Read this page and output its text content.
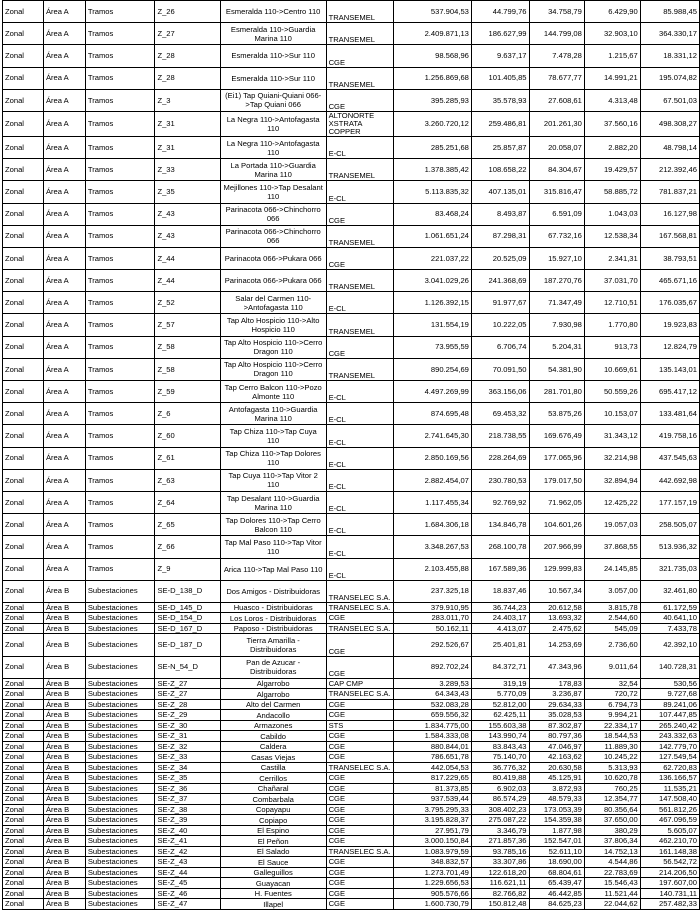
Zonal	Área A	Tramos	Z_26	Esmeralda 110->Centro 110	TRANSEMEL	537.904,53	44.799,76	34.758,79	6.429,90	85.988,45
Zonal	Área A	Tramos	Z_27	Esmeralda 110->Guardia Marina 110	TRANSEMEL	2.409.871,13	186.627,99	144.799,08	32.903,10	364.330,17
Zonal	Área A	Tramos	Z_28	Esmeralda 110->Sur 110	CGE	98.568,96	9.637,17	7.478,28	1.215,67	18.331,12
Zonal	Área A	Tramos	Z_28	Esmeralda 110->Sur 110	TRANSEMEL	1.256.869,68	101.405,85	78.677,77	14.991,21	195.074,82
Zonal	Área A	Tramos	Z_3	(Ei1) Tap Quiani-Quiani 066->Tap Quiani 066	CGE	395.285,93	35.578,93	27.608,61	4.313,48	67.501,03
Zonal	Área A	Tramos	Z_31	La Negra 110->Antofagasta 110	ALTONORTE XSTRATA COPPER	3.260.720,12	259.486,81	201.261,30	37.560,16	498.308,27
Zonal	Área A	Tramos	Z_31	La Negra 110->Antofagasta 110	E-CL	285.251,68	25.857,87	20.058,07	2.882,20	48.798,14
Zonal	Área A	Tramos	Z_33	La Portada 110->Guardia Marina 110	TRANSEMEL	1.378.385,42	108.658,22	84.304,67	19.429,57	212.392,46
Zonal	Área A	Tramos	Z_35	Mejillones 110->Tap Desalant 110	E-CL	5.113.835,32	407.135,01	315.816,47	58.885,72	781.837,21
Zonal	Área A	Tramos	Z_43	Parinacota 066->Chinchorro 066	CGE	83.468,24	8.493,87	6.591,09	1.043,03	16.127,98
Zonal	Área A	Tramos	Z_43	Parinacota 066->Chinchorro 066	TRANSEMEL	1.061.651,24	87.298,31	67.732,16	12.538,34	167.568,81
Zonal	Área A	Tramos	Z_44	Parinacota 066->Pukara 066	CGE	221.037,22	20.525,09	15.927,10	2.341,31	38.793,51
Zonal	Área A	Tramos	Z_44	Parinacota 066->Pukara 066	TRANSEMEL	3.041.029,26	241.368,69	187.270,76	37.031,70	465.671,16
Zonal	Área A	Tramos	Z_52	Salar del Carmen 110->Antofagasta 110	E-CL	1.126.392,15	91.977,67	71.347,49	12.710,51	176.035,67
Zonal	Área A	Tramos	Z_57	Tap Alto Hospicio 110->Alto Hospicio 110	TRANSEMEL	131.554,19	10.222,05	7.930,98	1.770,80	19.923,83
Zonal	Área A	Tramos	Z_58	Tap Alto Hospicio 110->Cerro Dragon 110	CGE	73.955,59	6.706,74	5.204,31	913,73	12.824,79
Zonal	Área A	Tramos	Z_58	Tap Alto Hospicio 110->Cerro Dragon 110	TRANSEMEL	890.254,69	70.091,50	54.381,90	10.669,61	135.143,01
Zonal	Área A	Tramos	Z_59	Tap Cerro Balcon 110->Pozo Almonte 110	E-CL	4.497.269,99	363.156,06	281.701,80	50.559,26	695.417,12
Zonal	Área A	Tramos	Z_6	Antofagasta 110->Guardia Marina 110	E-CL	874.695,48	69.453,32	53.875,26	10.153,07	133.481,64
Zonal	Área A	Tramos	Z_60	Tap Chiza 110->Tap Cuya 110	E-CL	2.741.645,30	218.738,55	169.676,49	31.343,12	419.758,16
Zonal	Área A	Tramos	Z_61	Tap Chiza 110->Tap Dolores 110	E-CL	2.850.169,56	228.264,69	177.065,96	32.214,98	437.545,63
Zonal	Área A	Tramos	Z_63	Tap Cuya 110->Tap Vitor 2 110	E-CL	2.882.454,07	230.780,53	179.017,50	32.894,94	442.692,98
Zonal	Área A	Tramos	Z_64	Tap Desalant 110->Guardia Marina 110	E-CL	1.117.455,34	92.769,92	71.962,05	12.425,22	177.157,19
Zonal	Área A	Tramos	Z_65	Tap Dolores 110->Tap Cerro Balcon 110	E-CL	1.684.306,18	134.846,78	104.601,26	19.057,03	258.505,07
Zonal	Área A	Tramos	Z_66	Tap Mal Paso 110->Tap Vitor 110	E-CL	3.348.267,53	268.100,78	207.966,99	37.868,55	513.936,32
Zonal	Área A	Tramos	Z_9	Arica 110->Tap Mal Paso 110	E-CL	2.103.455,88	167.589,36	129.999,83	24.145,85	321.735,03
Zonal	Área B	Subestaciones	SE-D_138_D	Dos Amigos - Distribuidoras	TRANSELEC S.A.	237.325,18	18.837,46	10.567,34	3.057,00	32.461,80
Zonal	Área B	Subestaciones	SE-D_145_D	Huasco - Distribuidoras	TRANSELEC S.A.	379.910,95	36.744,23	20.612,58	3.815,78	61.172,59
Zonal	Área B	Subestaciones	SE-D_154_D	Los Loros - Distribuidoras	CGE	283.011,70	24.403,17	13.693,32	2.544,60	40.641,10
Zonal	Área B	Subestaciones	SE-D_167_D	Paposo - Distribuidoras	TRANSELEC S.A.	50.162,11	4.413,07	2.475,62	545,09	7.433,78
Zonal	Área B	Subestaciones	SE-D_187_D	Tierra Amarilla - Distribuidoras	CGE	292.526,67	25.401,81	14.253,69	2.736,60	42.392,10
Zonal	Área B	Subestaciones	SE-N_54_D	Pan de Azucar - Distribuidoras	CGE	892.702,24	84.372,71	47.343,96	9.011,64	140.728,31
Zonal	Área B	Subestaciones	SE-Z_27	Algarrobo	CAP CMP	3.289,53	319,19	178,83	32,54	530,56
Zonal	Área B	Subestaciones	SE-Z_27	Algarrobo	TRANSELEC S.A.	64.343,43	5.770,09	3.236,87	720,72	9.727,68
Zonal	Área B	Subestaciones	SE-Z_28	Alto del Carmen	CGE	532.083,28	52.812,00	29.634,33	6.794,73	89.241,06
Zonal	Área B	Subestaciones	SE-Z_29	Andacollo	CGE	659.556,32	62.425,11	35.028,53	9.994,21	107.447,85
Zonal	Área B	Subestaciones	SE-Z_30	Armazones	STS	1.834.775,00	155.603,38	87.302,87	22.334,17	265.240,42
Zonal	Área B	Subestaciones	SE-Z_31	Cabildo	CGE	1.584.333,08	143.990,74	80.797,36	18.544,53	243.332,63
Zonal	Área B	Subestaciones	SE-Z_32	Caldera	CGE	880.844,01	83.843,43	47.046,97	11.889,30	142.779,70
Zonal	Área B	Subestaciones	SE-Z_33	Casas Viejas	CGE	786.651,78	75.140,70	42.163,62	10.245,22	127.549,54
Zonal	Área B	Subestaciones	SE-Z_34	Castilla	TRANSELEC S.A.	442.054,53	36.776,32	20.630,58	5.313,93	62.720,83
Zonal	Área B	Subestaciones	SE-Z_35	Cerrillos	CGE	817.229,65	80.419,88	45.125,91	10.620,78	136.166,57
Zonal	Área B	Subestaciones	SE-Z_36	Chañaral	CGE	81.373,85	6.902,03	3.872,93	760,25	11.535,21
Zonal	Área B	Subestaciones	SE-Z_37	Combarbala	CGE	937.539,44	86.574,29	48.579,33	12.354,77	147.508,40
Zonal	Área B	Subestaciones	SE-Z_38	Copayapu	CGE	3.795.295,33	308.402,23	173.053,39	80.356,64	561.812,26
Zonal	Área B	Subestaciones	SE-Z_39	Copiapo	CGE	3.195.828,37	275.087,22	154.359,38	37.650,00	467.096,59
Zonal	Área B	Subestaciones	SE-Z_40	El Espino	CGE	27.951,79	3.346,79	1.877,98	380,29	5.605,07
Zonal	Área B	Subestaciones	SE-Z_41	El Peñon	CGE	3.000.150,84	271.857,36	152.547,01	37.806,34	462.210,70
Zonal	Área B	Subestaciones	SE-Z_42	El Salado	TRANSELEC S.A.	1.083.979,59	93.785,16	52.611,10	14.752,13	161.148,38
Zonal	Área B	Subestaciones	SE-Z_43	El Sauce	CGE	348.832,57	33.307,86	18.690,00	4.544,86	56.542,72
Zonal	Área B	Subestaciones	SE-Z_44	Galleguillos	CGE	1.273.701,49	122.618,20	68.804,61	22.783,69	214.206,50
Zonal	Área B	Subestaciones	SE-Z_45	Guayacan	CGE	1.229.656,53	116.621,11	65.439,47	15.546,43	197.607,00
Zonal	Área B	Subestaciones	SE-Z_46	H. Fuentes	CGE	905.576,66	82.766,82	46.442,85	11.521,44	140.731,11
Zonal	Área B	Subestaciones	SE-Z_47	Illapel	CGE	1.600.730,79	150.812,48	84.625,23	22.044,62	257.482,33
